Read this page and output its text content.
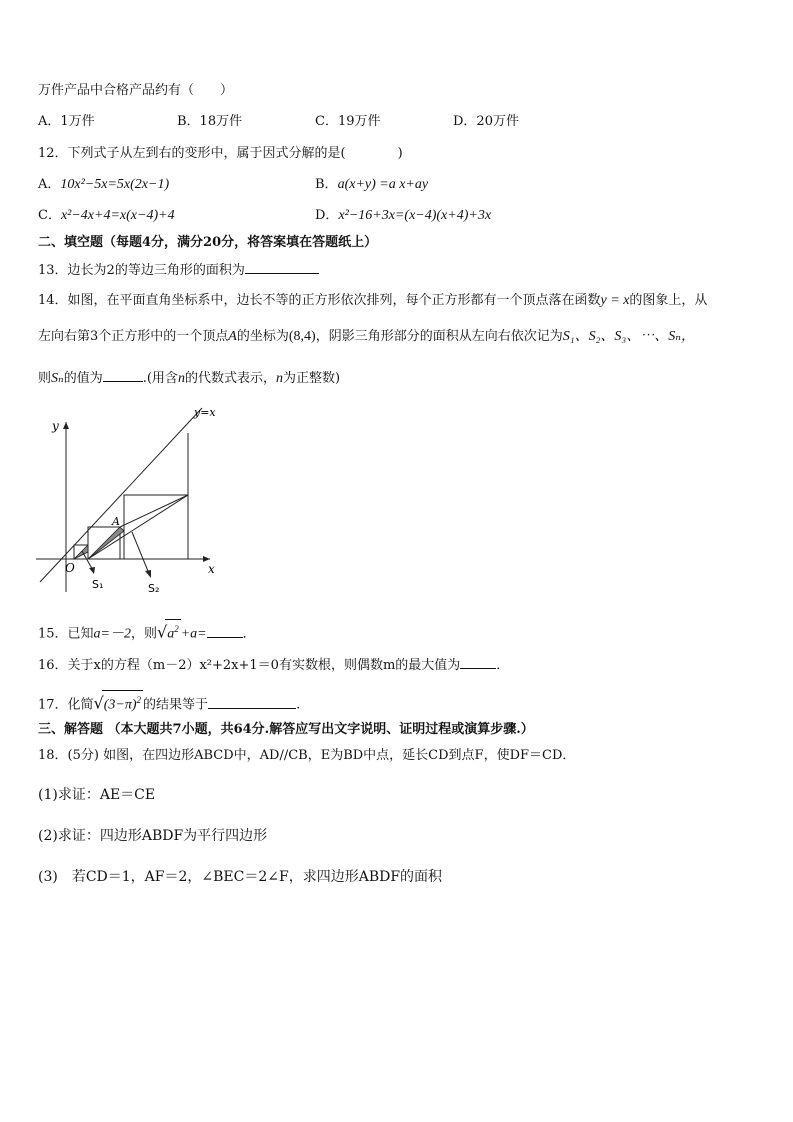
万件产品中合格产品约有（　　）
A．1万件	B．18万件	C．19万件	D．20万件
12．下列式子从左到右的变形中，属于因式分解的是(　　　　)
A．10x²−5x=5x(2x−1)	B．a(x+y) =a x+ay
C．x²−4x+4=x(x−4)+4	D．x²−16+3x=(x−4)(x+4)+3x
二、填空题（每题4分，满分20分，将答案填在答题纸上）
13．边长为2的等边三角形的面积为
14．如图，在平面直角坐标系中，边长不等的正方形依次排列，每个正方形都有一个顶点落在函数y = x的图象上，从
左向右第3个正方形中的一个顶点A的坐标为(8,4)，阴影三角形部分的面积从左向右依次记为S₁、S₂、S₃、⋯、Sₙ，
则Sₙ的值为	.(用含n的代数式表示，n为正整数)
y
x
y=x
O
A
S₁	S₂
15．已知a=－2，则$√a^2 +a=$	．
16．关于x的方程（m－2）x²+2x+1＝0有实数根，则偶数m的最大值为	．
17．化简$√(3-\pi)^2$ 的结果等于	.
三、解答题 （本大题共7小题，共64分.解答应写出文字说明、证明过程或演算步骤.）
18．(5分) 如图，在四边形ABCD中，AD//CB，E为BD中点，延长CD到点F，使DF＝CD．
(1)求证：AE＝CE
(2)求证：四边形ABDF为平行四边形
(3)　若CD＝1，AF＝2，∠BEC＝2∠F，求四边形ABDF的面积
